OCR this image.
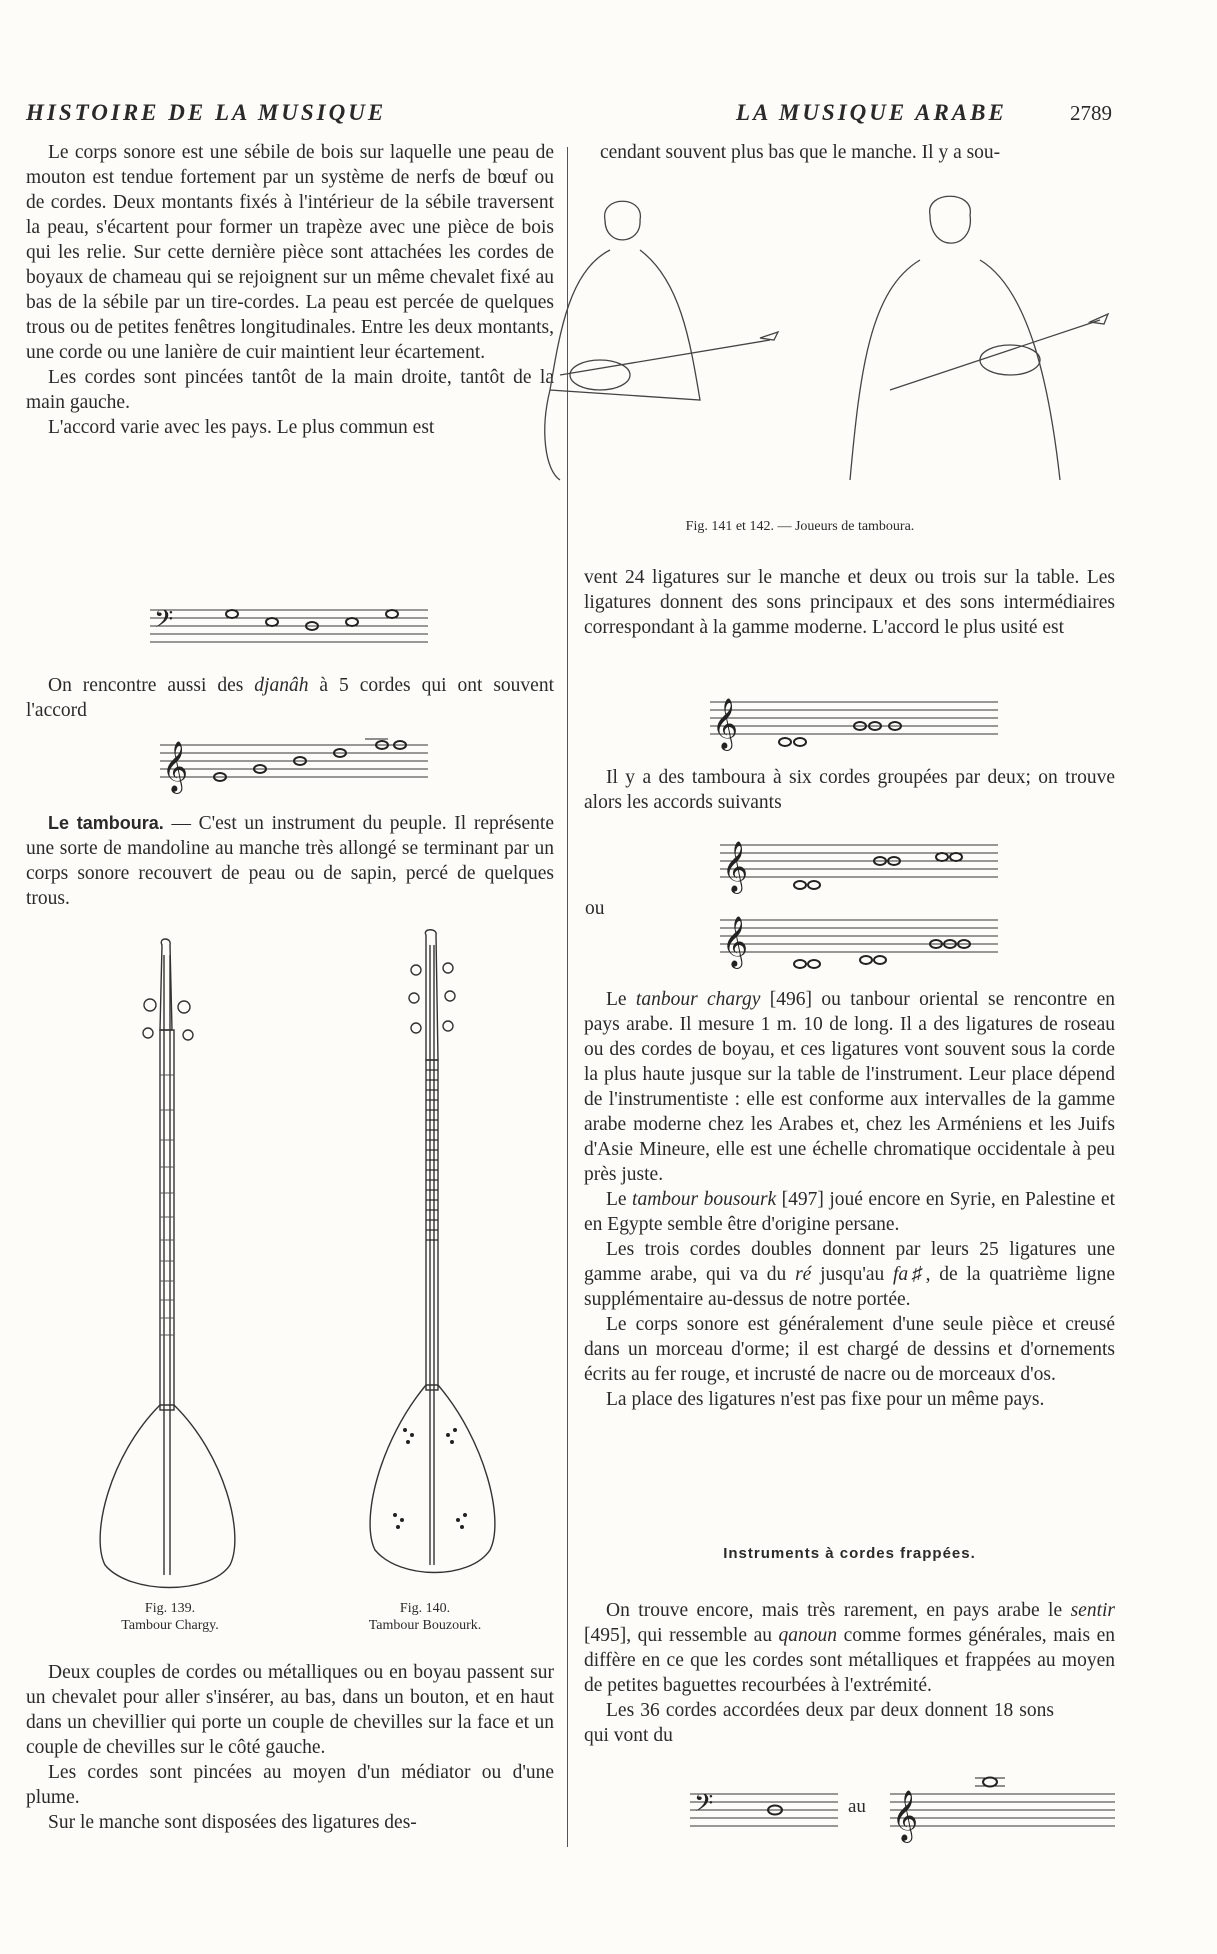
HISTOIRE DE LA MUSIQUE	LA MUSIQUE ARABE	2789

Le corps sonore est une sébile de bois sur laquelle une peau de mouton est tendue fortement par un système de nerfs de bœuf ou de cordes. Deux montants fixés à l'intérieur de la sébile traversent la peau, s'écartent pour former un trapèze avec une pièce de bois qui les relie. Sur cette dernière pièce sont attachées les cordes de boyaux de chameau qui se rejoignent sur un même chevalet fixé au bas de la sébile par un tire-cordes. La peau est percée de quelques trous ou de petites fenêtres longitudinales. Entre les deux montants, une corde ou une lanière de cuir maintient leur écartement.

Les cordes sont pincées tantôt de la main droite, tantôt de la main gauche.

L'accord varie avec les pays. Le plus commun est

𝄢

On rencontre aussi des djanâh à 5 cordes qui ont souvent l'accord

𝄞

Le tamboura. — C'est un instrument du peuple. Il représente une sorte de mandoline au manche très allongé se terminant par un corps sonore recouvert de peau ou de sapin, percé de quelques trous.

Fig. 139.
Tambour Chargy.
Fig. 140.
Tambour Bouzourk.

Deux couples de cordes ou métalliques ou en boyau passent sur un chevalet pour aller s'insérer, au bas, dans un bouton, et en haut dans un chevillier qui porte un couple de chevilles sur la face et un couple de chevilles sur le côté gauche.

Les cordes sont pincées au moyen d'un médiator ou d'une plume.

Sur le manche sont disposées des ligatures des-

cendant souvent plus bas que le manche. Il y a sou-
Fig. 141 et 142. — Joueurs de tamboura.

vent 24 ligatures sur le manche et deux ou trois sur la table. Les ligatures donnent des sons principaux et des sons intermédiaires correspondant à la gamme moderne. L'accord le plus usité est

𝄞

Il y a des tamboura à six cordes groupées par deux; on trouve alors les accords suivants

𝄞
ou
𝄞

Le tanbour chargy [496] ou tanbour oriental se rencontre en pays arabe. Il mesure 1 m. 10 de long. Il a des ligatures de roseau ou des cordes de boyau, et ces ligatures vont souvent sous la corde la plus haute jusque sur la table de l'instrument. Leur place dépend de l'instrumentiste : elle est conforme aux intervalles de la gamme arabe moderne chez les Arabes et, chez les Arméniens et les Juifs d'Asie Mineure, elle est une échelle chromatique occidentale à peu près juste.

Le tambour bousourk [497] joué encore en Syrie, en Palestine et en Egypte semble être d'origine persane.

Les trois cordes doubles donnent par leurs 25 ligatures une gamme arabe, qui va du ré jusqu'au fa♯, de la quatrième ligne supplémentaire au-dessus de notre portée.

Le corps sonore est généralement d'une seule pièce et creusé dans un morceau d'orme; il est chargé de dessins et d'ornements écrits au fer rouge, et incrusté de nacre ou de morceaux d'os.

La place des ligatures n'est pas fixe pour un même pays.

Instruments à cordes frappées.

On trouve encore, mais très rarement, en pays arabe le sentir [495], qui ressemble au qanoun comme formes générales, mais en diffère en ce que les cordes sont métalliques et frappées au moyen de petites baguettes recourbées à l'extrémité.

Les 36 cordes accordées deux par deux donnent 18 sons qui vont du

𝄢	au 𝄞
